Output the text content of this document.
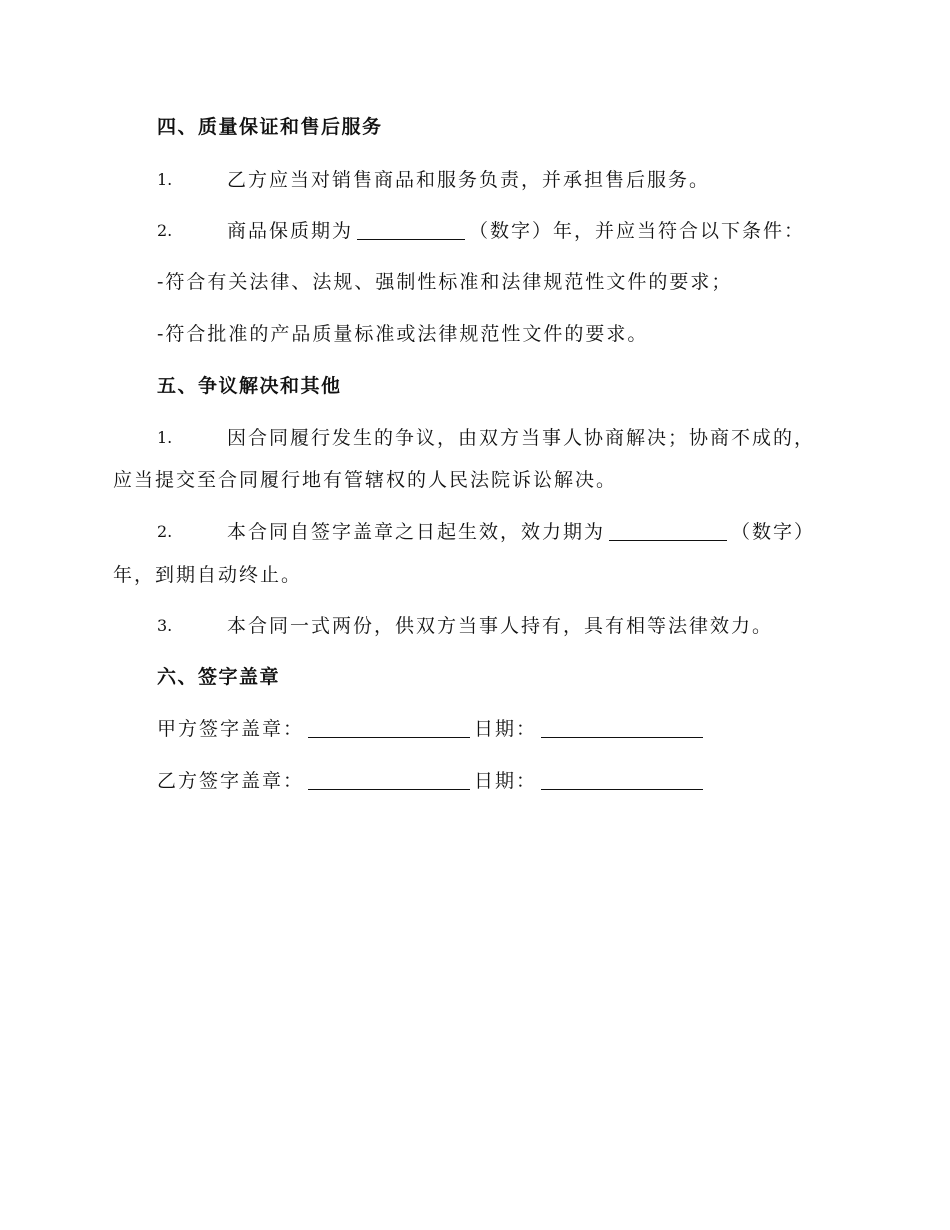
四、质量保证和售后服务
1.	乙方应当对销售商品和服务负责，并承担售后服务。
2.	商品保质期为	（数字）年，并应当符合以下条件：
-符合有关法律、法规、强制性标准和法律规范性文件的要求；
-符合批准的产品质量标准或法律规范性文件的要求。
五、争议解决和其他
1.	因合同履行发生的争议，由双方当事人协商解决；协商不成的，
应当提交至合同履行地有管辖权的人民法院诉讼解决。
2.	本合同自签字盖章之日起生效，效力期为	（数字）
年，到期自动终止。
3.	本合同一式两份，供双方当事人持有，具有相等法律效力。
六、签字盖章
甲方签字盖章：	日期：
乙方签字盖章：	日期：
